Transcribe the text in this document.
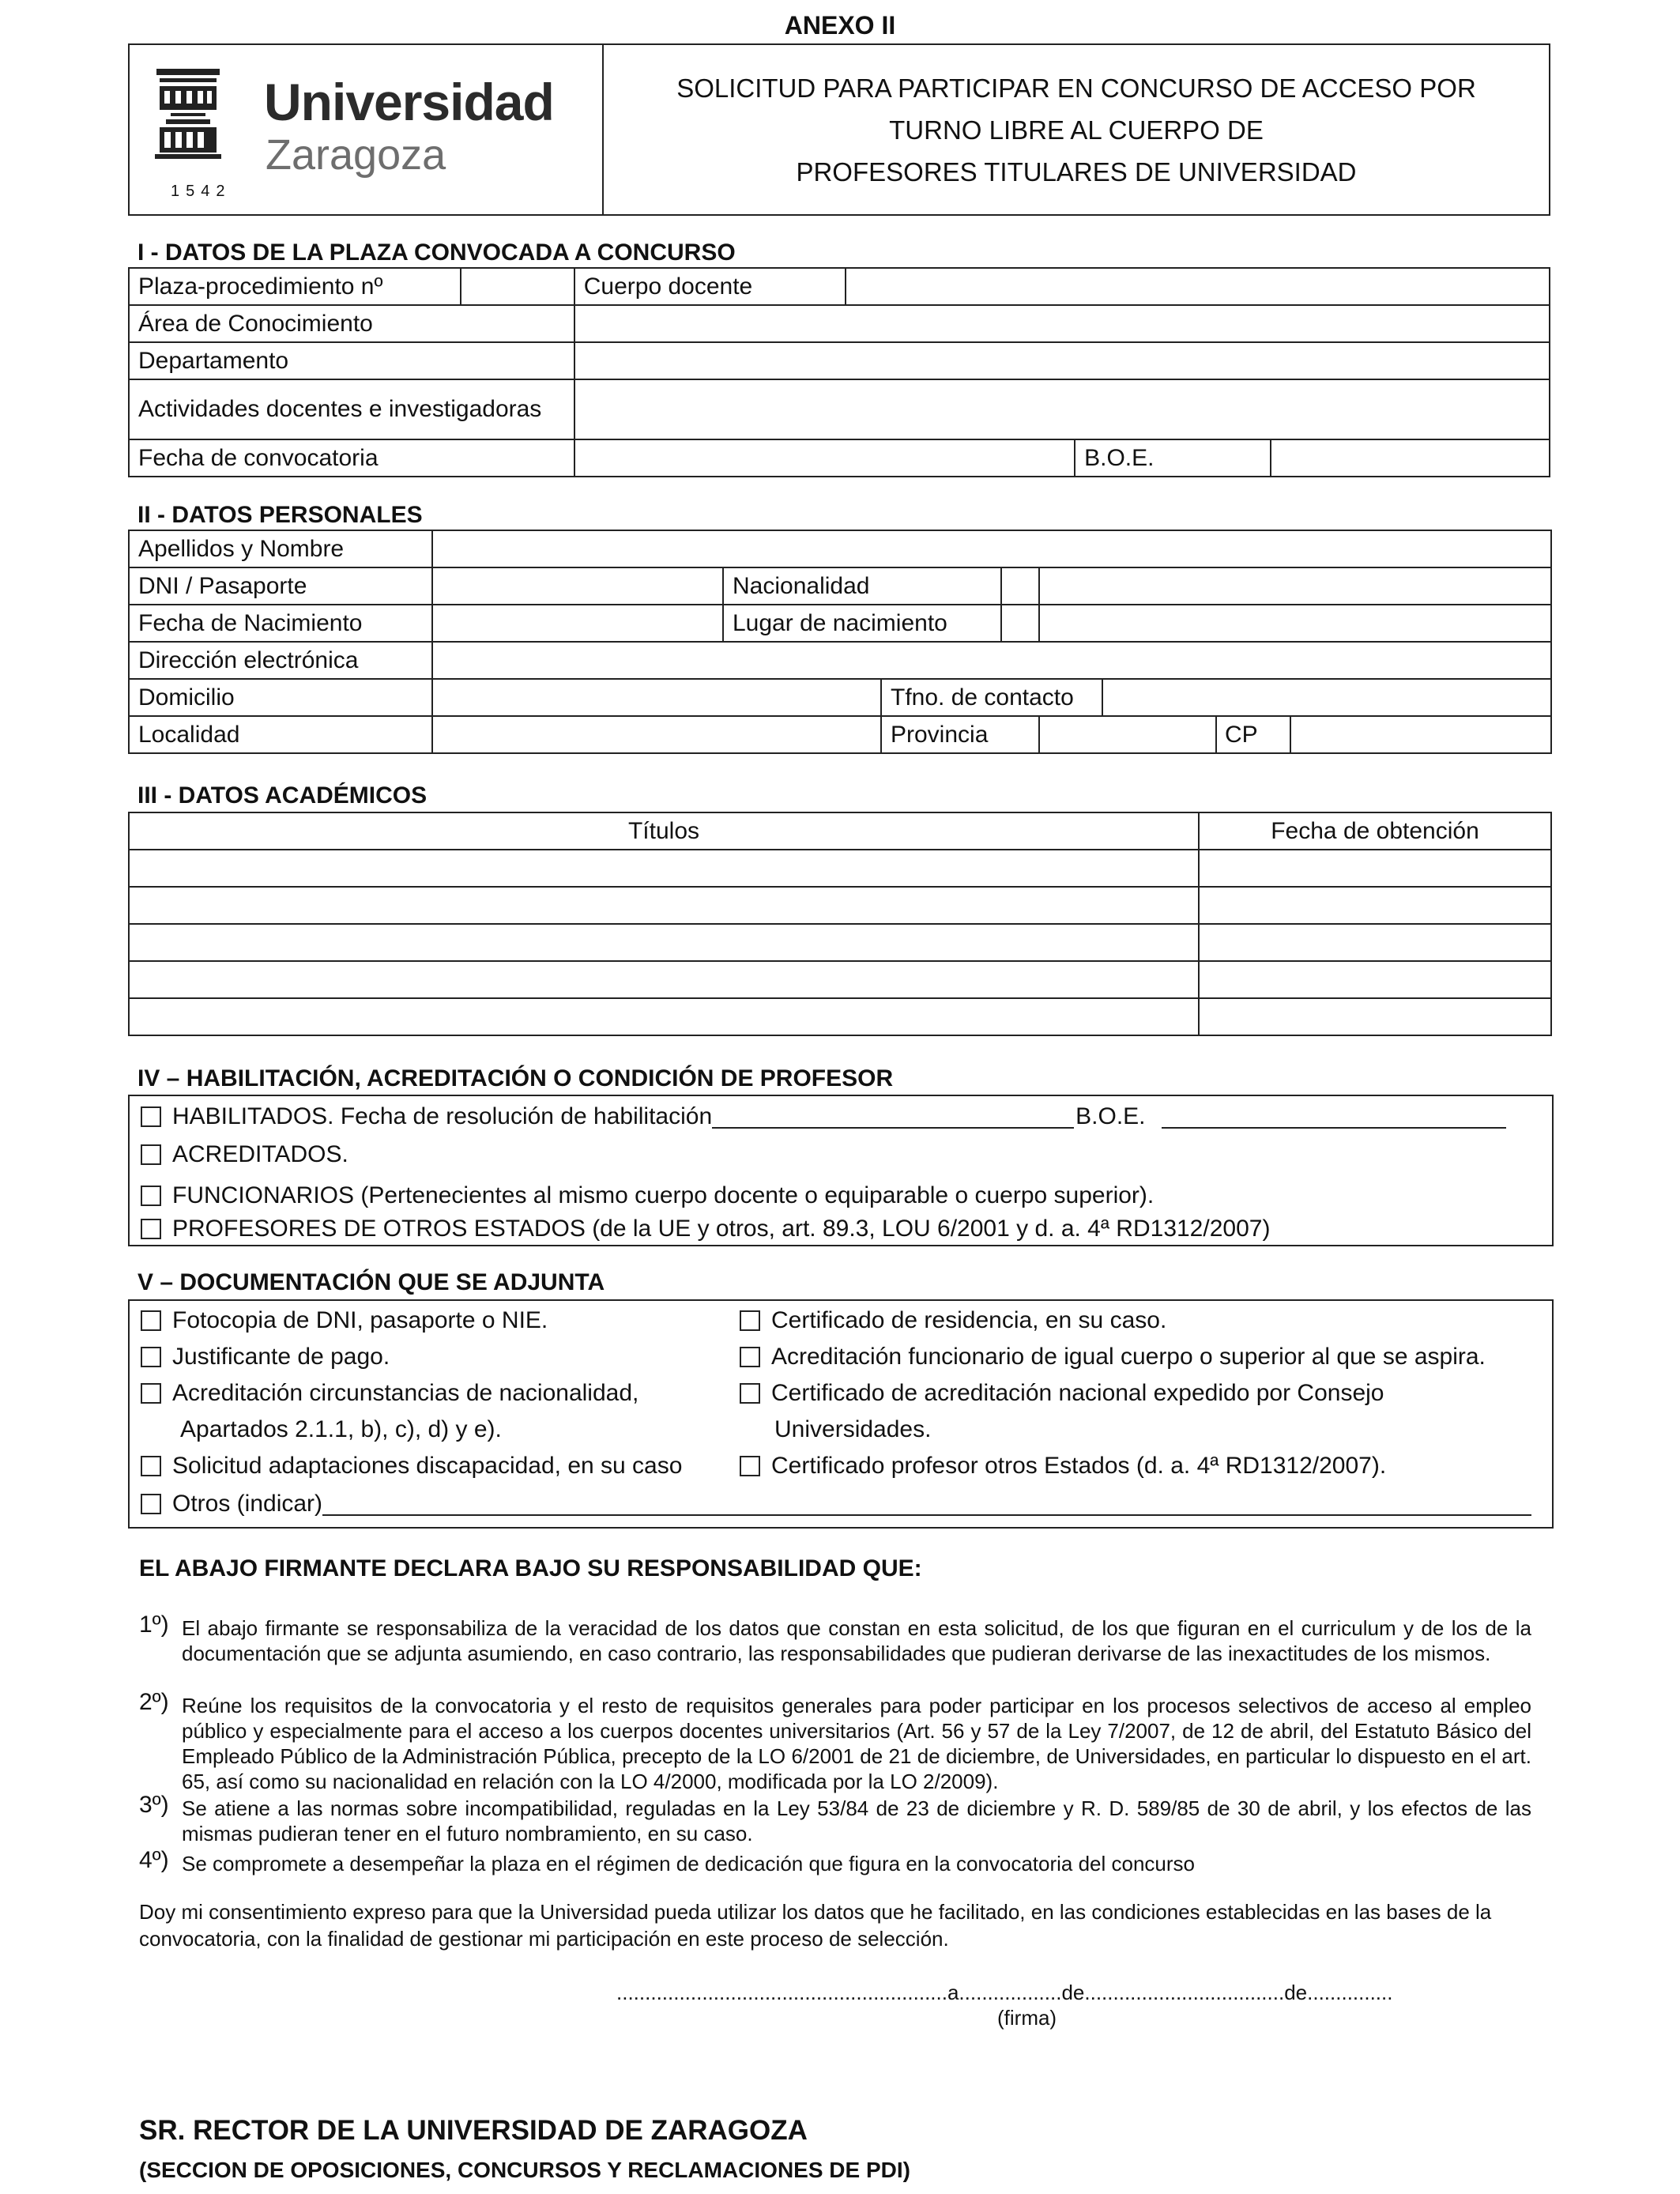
ANEXO II
1542
Universidad
Zaragoza
SOLICITUD PARA PARTICIPAR EN CONCURSO DE ACCESO POR
TURNO LIBRE AL CUERPO DE
PROFESORES TITULARES DE UNIVERSIDAD
I - DATOS DE LA PLAZA CONVOCADA A CONCURSO
Plaza-procedimiento nº		Cuerpo docente		
Área de Conocimiento				
Departamento				
Actividades docentes e investigadoras				
Fecha de convocatoria				B.O.E.
II - DATOS PERSONALES
Apellidos y Nombre					
DNI / Pasaporte		Nacionalidad			

Fecha de Nacimiento		Lugar de nacimiento			

Dirección electrónica					
Domicilio			Tfno. de contacto		
Localidad			Provincia	CP	
III - DATOS ACADÉMICOS
Títulos	Fecha de obtención

IV – HABILITACIÓN, ACREDITACIÓN O CONDICIÓN DE PROFESOR
HABILITADOS. Fecha de resolución de habilitación	B.O.E.
ACREDITADOS.
FUNCIONARIOS (Pertenecientes al mismo cuerpo docente o equiparable o cuerpo superior).
PROFESORES DE OTROS ESTADOS (de la UE y otros, art. 89.3, LOU 6/2001 y d. a. 4ª RD1312/2007)
V – DOCUMENTACIÓN QUE SE ADJUNTA
Fotocopia de DNI, pasaporte o NIE.
Justificante de pago.
Acreditación circunstancias de nacionalidad,
Apartados 2.1.1, b), c), d) y e).
Solicitud adaptaciones discapacidad, en su caso
Otros (indicar)
Certificado de residencia, en su caso.
Acreditación funcionario de igual cuerpo o superior al que se aspira.
Certificado de acreditación nacional expedido por Consejo
Universidades.
Certificado profesor otros Estados (d. a. 4ª RD1312/2007).
EL ABAJO FIRMANTE DECLARA BAJO SU RESPONSABILIDAD QUE:
1º) El abajo firmante se responsabiliza de la veracidad de los datos que constan en esta solicitud, de los que figuran en el curriculum y de los de la documentación que se adjunta asumiendo, en caso contrario, las responsabilidades que pudieran derivarse de las inexactitudes de los mismos.
2º) Reúne los requisitos de la convocatoria y el resto de requisitos generales para poder participar en los procesos selectivos de acceso al empleo público y especialmente para el acceso a los cuerpos docentes universitarios (Art. 56 y 57 de la Ley 7/2007, de 12 de abril, del Estatuto Básico del Empleado Público de la Administración Pública, precepto de la LO 6/2001 de 21 de diciembre, de Universidades, en particular lo dispuesto en el art. 65, así como su nacionalidad en relación con la LO 4/2000, modificada por la LO 2/2009).
3º) Se atiene a las normas sobre incompatibilidad, reguladas en la Ley 53/84 de 23 de diciembre y R. D. 589/85 de 30 de abril, y los efectos de las mismas pudieran tener en el futuro nombramiento, en su caso.
4º) Se compromete a desempeñar la plaza en el régimen de dedicación que figura en la convocatoria del concurso
Doy mi consentimiento expreso para que la Universidad pueda utilizar los datos que he facilitado, en las condiciones establecidas en las bases de la convocatoria, con la finalidad de gestionar mi participación en este proceso de selección.
..........................................................a..................de...................................de...............
(firma)
SR. RECTOR DE LA UNIVERSIDAD DE ZARAGOZA
(SECCION DE OPOSICIONES, CONCURSOS Y RECLAMACIONES DE PDI)
